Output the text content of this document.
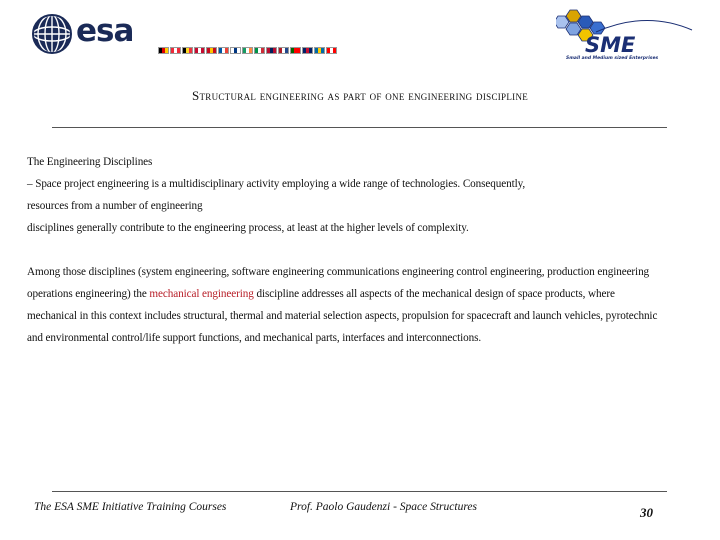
esa	SME
Small and Medium sized Enterprises
Structural engineering as part of one engineering discipline

The Engineering Disciplines

– Space project engineering is a multidisciplinary activity employing a wide range of technologies. Consequently,

resources from a number of engineering

disciplines generally contribute to the engineering process, at least at the higher levels of complexity.

Among those disciplines (system engineering, software engineering communications engineering control engineering, production engineering operations engineering) the mechanical engineering discipline addresses all aspects of the mechanical design of space products, where mechanical in this context includes structural, thermal and material selection aspects, propulsion for spacecraft and launch vehicles, pyrotechnic and environmental control/life support functions, and mechanical parts, interfaces and interconnections.

The ESA SME Initiative Training Courses	Prof. Paolo Gaudenzi - Space Structures	30
